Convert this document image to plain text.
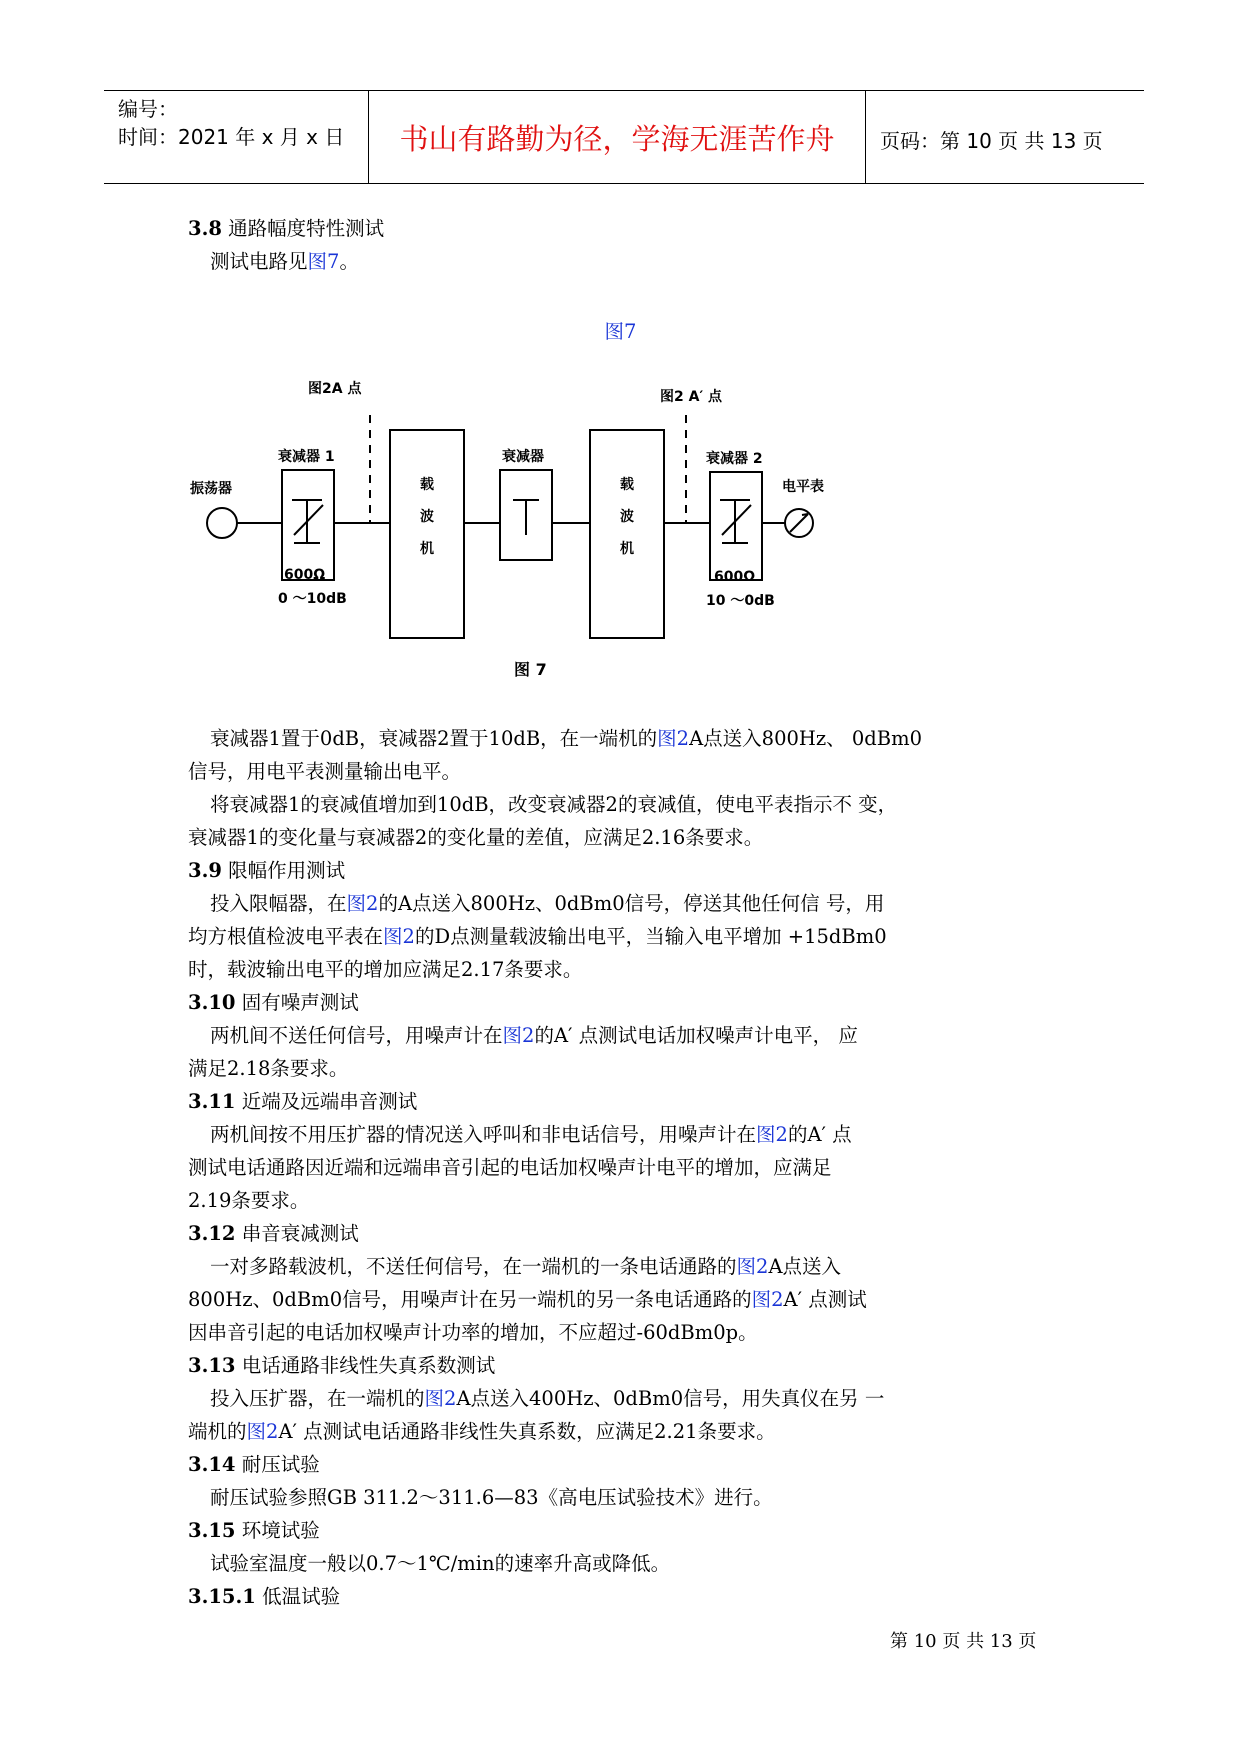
编号：
时间：2021 年 x 月 x 日	书山有路勤为径，学海无涯苦作舟	页码：第 10 页 共 13 页
3.8 通路幅度特性测试
测试电路见图7。
图7
图2A 点	图2 A′ 点
振荡器
衰减器 1	衰减器	衰减器 2
电平表
载
波
机
载
波
机
600Ω
0 ～10dB
600Ω
10 ～0dB
图 7
衰减器1置于0dB，衰减器2置于10dB，在一端机的图2A点送入800Hz、 0dBm0
信号，用电平表测量输出电平。
将衰减器1的衰减值增加到10dB，改变衰减器2的衰减值，使电平表指示不 变，
衰减器1的变化量与衰减器2的变化量的差值，应满足2.16条要求。
3.9 限幅作用测试
投入限幅器，在图2的A点送入800Hz、0dBm0信号，停送其他任何信 号，用
均方根值检波电平表在图2的D点测量载波输出电平，当输入电平增加 +15dBm0
时，载波输出电平的增加应满足2.17条要求。
3.10 固有噪声测试
两机间不送任何信号，用噪声计在图2的A′ 点测试电话加权噪声计电平， 应
满足2.18条要求。
3.11 近端及远端串音测试
两机间按不用压扩器的情况送入呼叫和非电话信号，用噪声计在图2的A′ 点
测试电话通路因近端和远端串音引起的电话加权噪声计电平的增加，应满足
2.19条要求。
3.12 串音衰减测试
一对多路载波机，不送任何信号，在一端机的一条电话通路的图2A点送入
800Hz、0dBm0信号，用噪声计在另一端机的另一条电话通路的图2A′ 点测试
因串音引起的电话加权噪声计功率的增加，不应超过-60dBm0p。
3.13 电话通路非线性失真系数测试
投入压扩器，在一端机的图2A点送入400Hz、0dBm0信号，用失真仪在另 一
端机的图2A′ 点测试电话通路非线性失真系数，应满足2.21条要求。
3.14 耐压试验
耐压试验参照GB 311.2～311.6—83《高电压试验技术》进行。
3.15 环境试验
试验室温度一般以0.7～1℃/min的速率升高或降低。
3.15.1 低温试验
第 10 页 共 13 页
